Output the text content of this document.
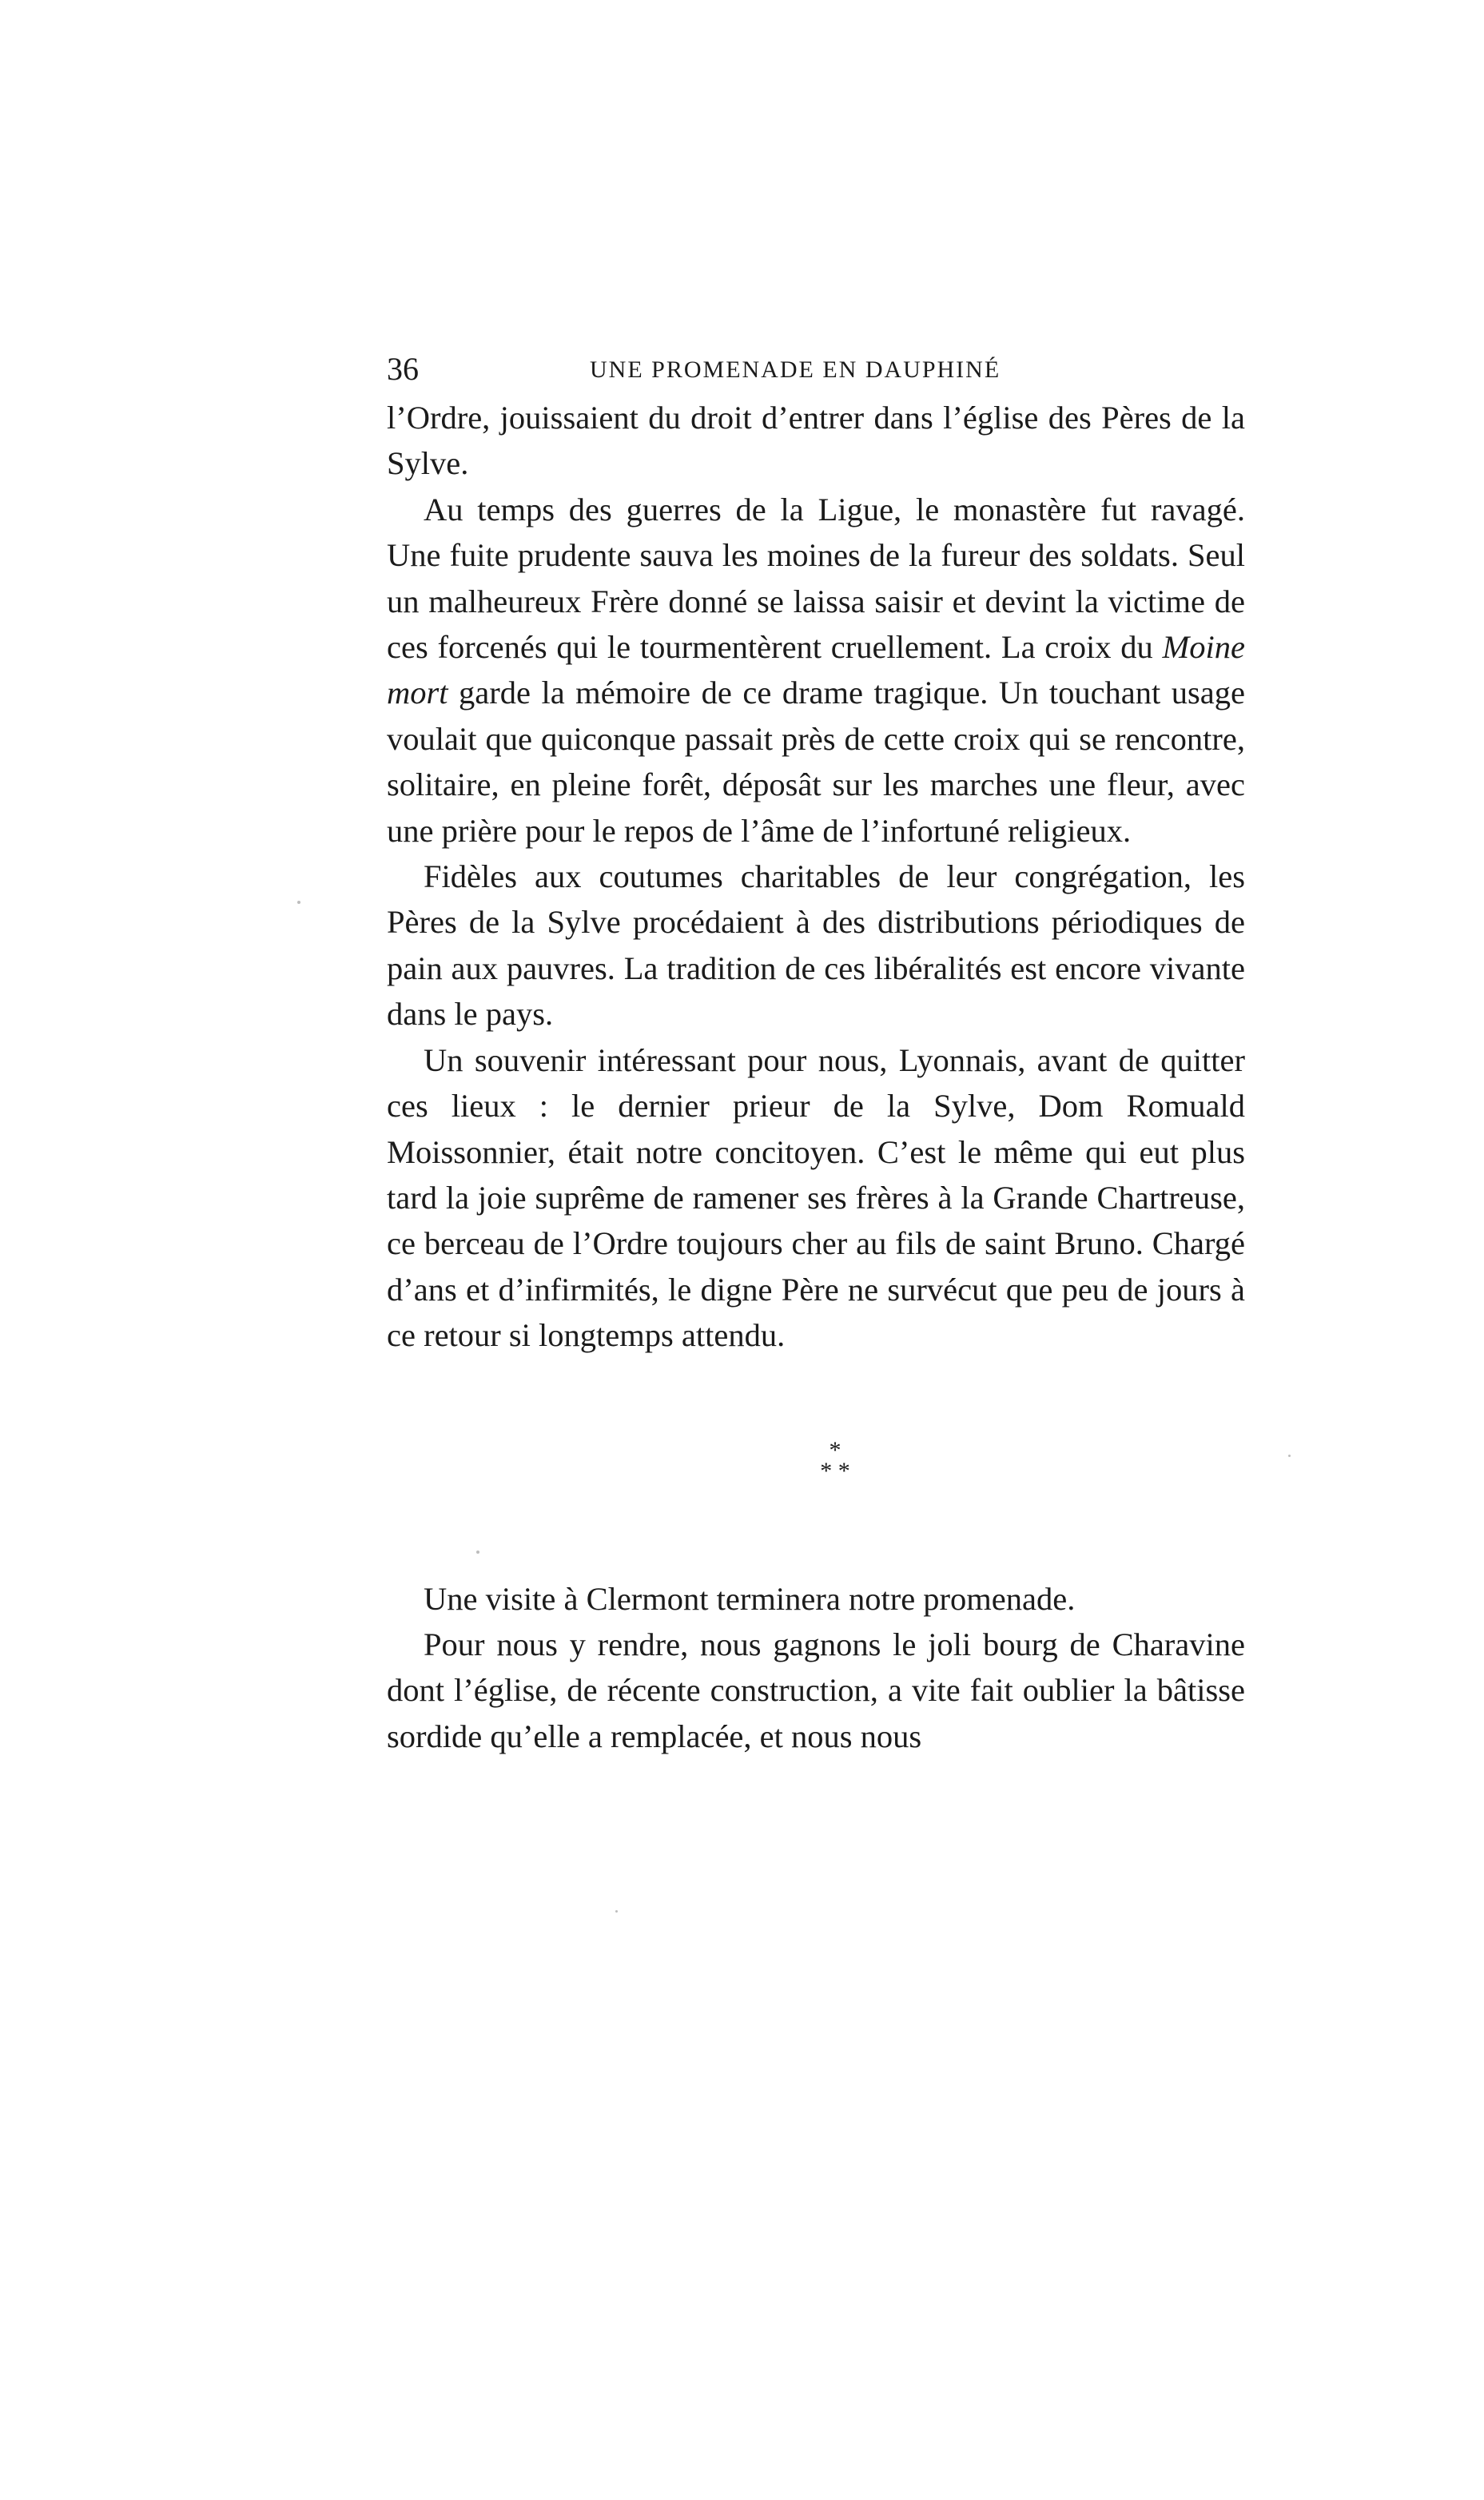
36	UNE PROMENADE EN DAUPHINÉ

l’Ordre, jouissaient du droit d’entrer dans l’église des Pères de la Sylve.

Au temps des guerres de la Ligue, le monastère fut ravagé. Une fuite prudente sauva les moines de la fureur des soldats. Seul un malheureux Frère donné se laissa saisir et devint la victime de ces forcenés qui le tourmentèrent cruellement. La croix du Moine mort garde la mémoire de ce drame tragique. Un touchant usage voulait que quiconque passait près de cette croix qui se rencontre, solitaire, en pleine forêt, déposât sur les marches une fleur, avec une prière pour le repos de l’âme de l’infortuné religieux.

Fidèles aux coutumes charitables de leur congrégation, les Pères de la Sylve procédaient à des distributions périodiques de pain aux pauvres. La tradition de ces libéralités est encore vivante dans le pays.

Un souvenir intéressant pour nous, Lyonnais, avant de quitter ces lieux : le dernier prieur de la Sylve, Dom Romuald Moissonnier, était notre concitoyen. C’est le même qui eut plus tard la joie suprême de ramener ses frères à la Grande Chartreuse, ce berceau de l’Ordre toujours cher au fils de saint Bruno. Chargé d’ans et d’infirmités, le digne Père ne survécut que peu de jours à ce retour si longtemps attendu.

*
* *

Une visite à Clermont terminera notre promenade.

Pour nous y rendre, nous gagnons le joli bourg de Charavine dont l’église, de récente construction, a vite fait oublier la bâtisse sordide qu’elle a remplacée, et nous nous
